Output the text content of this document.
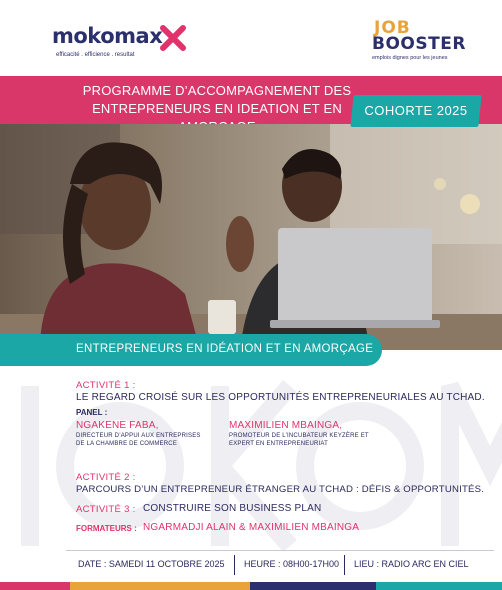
mokomax
efficacité . efficience . resultat
JOB
BOOSTER
emplois dignes pour les jeunes
PROGRAMME D’ACCOMPAGNEMENT DES
ENTREPRENEURS EN IDEATION ET EN	COHORTE 2025
ENTREPRENEURS EN IDÉATION ET EN AMORÇAGE
ACTIVITÉ 1 :
LE REGARD CROISÉ SUR LES OPPORTUNITÉS ENTREPRENEURIALES AU TCHAD.
PANEL :
NGAKENE FABA,
DIRECTEUR D’APPUI AUX ENTREPRISES
DE LA CHAMBRE DE COMMERCE
MAXIMILIEN MBAINGA,
PROMOTEUR DE L’INCUBATEUR KEYZÈRE ET
EXPERT EN ENTREPRENEURIAT
ACTIVITÉ 2 :
PARCOURS D’UN ENTREPRENEUR ÉTRANGER AU TCHAD : DÉFIS & OPPORTUNITÉS.
ACTIVITÉ 3 : CONSTRUIRE SON BUSINESS PLAN
FORMATEURS : NGARMADJI ALAIN & MAXIMILIEN MBAINGA
DATE : SAMEDI 11 OCTOBRE 2025 HEURE : 08H00-17H00 LIEU : RADIO ARC EN CIEL
